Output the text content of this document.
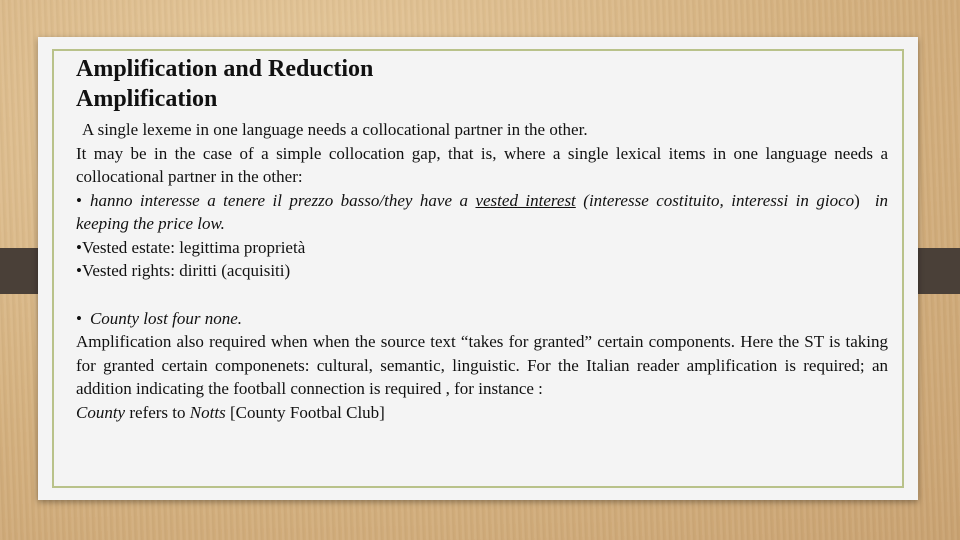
Amplification and Reduction

Amplification

A single lexeme in one language needs a collocational partner in the other.

It may be in the case of a simple collocation gap, that is, where a single lexical items in one language needs a collocational partner in the other:

• hanno interesse a tenere il prezzo basso/they have a vested interest (interesse costituito, interessi in gioco) in keeping the price low.

•Vested estate: legittima proprietà

•Vested rights: diritti (acquisiti)

• County lost four none.

Amplification also required when when the source text “takes for granted” certain components. Here the ST is taking for granted certain componenets: cultural, semantic, linguistic. For the Italian reader amplification is required; an addition indicating the football connection is required , for instance :

County refers to Notts [County Footbal Club]
